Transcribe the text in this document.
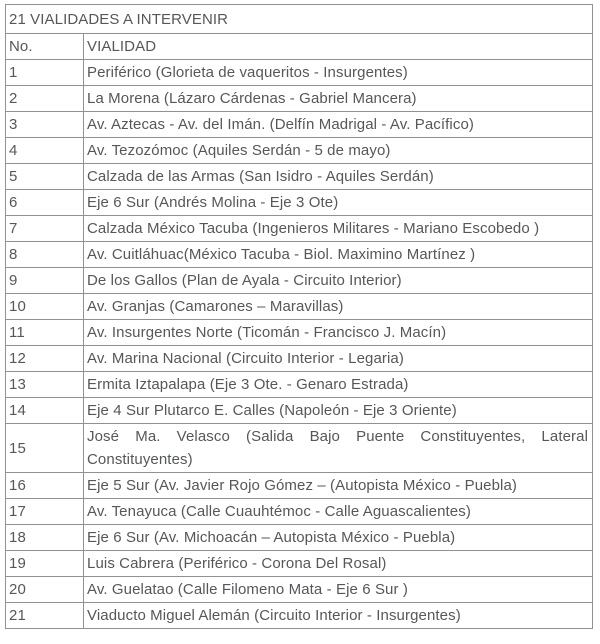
21 VIALIDADES A INTERVENIR	
No.	VIALIDAD
1	Periférico (Glorieta de vaqueritos - Insurgentes)
2	La Morena (Lázaro Cárdenas - Gabriel Mancera)
3	Av. Aztecas - Av. del Imán. (Delfín Madrigal - Av. Pacífico)
4	Av. Tezozómoc (Aquiles Serdán - 5 de mayo)
5	Calzada de las Armas (San Isidro - Aquiles Serdán)
6	Eje 6 Sur (Andrés Molina - Eje 3 Ote)
7	Calzada México Tacuba (Ingenieros Militares - Mariano Escobedo )
8	Av. Cuitláhuac(México Tacuba - Biol. Maximino Martínez )
9	De los Gallos (Plan de Ayala - Circuito Interior)
10	Av. Granjas (Camarones – Maravillas)
11	Av. Insurgentes Norte (Ticomán - Francisco J. Macín)
12	Av. Marina Nacional (Circuito Interior - Legaria)
13	Ermita Iztapalapa (Eje 3 Ote. - Genaro Estrada)
14	Eje 4 Sur Plutarco E. Calles (Napoleón - Eje 3 Oriente)
15	José Ma. Velasco (Salida Bajo Puente Constituyentes, Lateral Constituyentes)
16	Eje 5 Sur (Av. Javier Rojo Gómez – (Autopista México - Puebla)
17	Av. Tenayuca (Calle Cuauhtémoc - Calle Aguascalientes)
18	Eje 6 Sur (Av. Michoacán – Autopista México - Puebla)
19	Luis Cabrera (Periférico - Corona Del Rosal)
20	Av. Guelatao (Calle Filomeno Mata - Eje 6 Sur )
21	Viaducto Miguel Alemán (Circuito Interior - Insurgentes)
